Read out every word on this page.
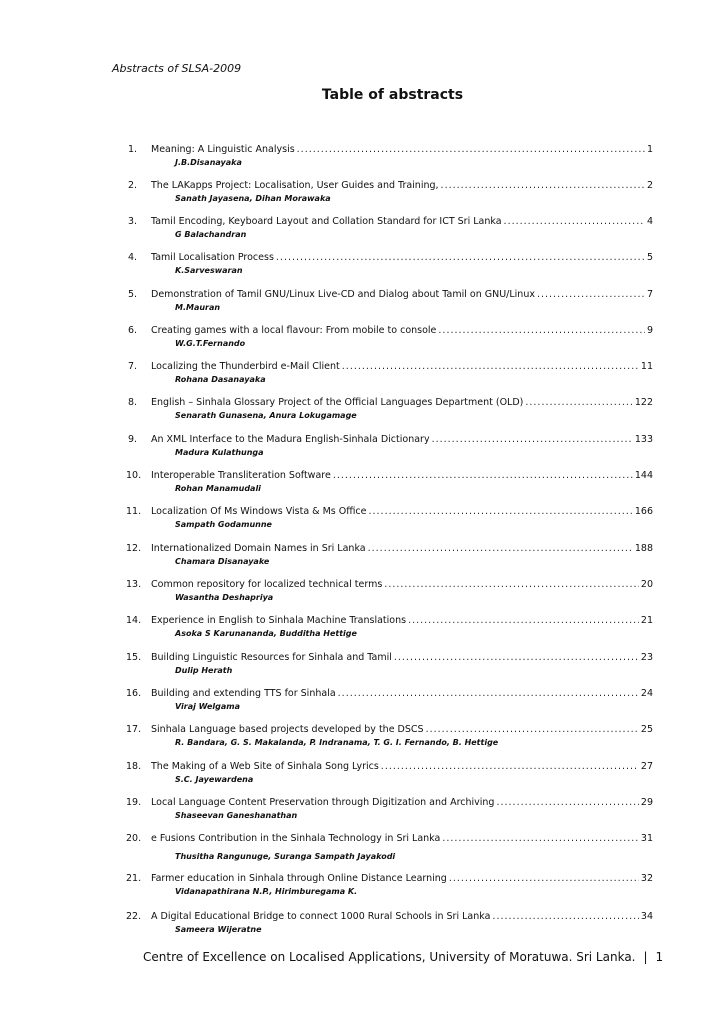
Abstracts of SLSA-2009
Table of abstracts
1. Meaning: A Linguistic Analysis .....	1
J.B.Disanayaka
2. The LAKapps Project: Localisation, User Guides and Training, .....	2
Sanath Jayasena, Dihan Morawaka
3. Tamil Encoding, Keyboard Layout and Collation Standard for ICT Sri Lanka .....	4
G Balachandran
4. Tamil Localisation Process .....	5
K.Sarveswaran
5. Demonstration of Tamil GNU/Linux Live-CD and Dialog about Tamil on GNU/Linux .....	7
M.Mauran
6. Creating games with a local flavour: From mobile to console .....	9
W.G.T.Fernando
7. Localizing the Thunderbird e-Mail Client .....	11
Rohana Dasanayaka
8. English – Sinhala Glossary Project of the Official Languages Department (OLD) .....	122
Senarath Gunasena, Anura Lokugamage
9. An XML Interface to the Madura English-Sinhala Dictionary .....	133
Madura Kulathunga
10. Interoperable Transliteration Software .....	144
Rohan Manamudali
11. Localization Of Ms Windows Vista & Ms Office .....	166
Sampath Godamunne
12. Internationalized Domain Names in Sri Lanka .....	188
Chamara Disanayake
13. Common repository for localized technical terms .....	20
Wasantha Deshapriya
14. Experience in English to Sinhala Machine Translations .....	21
Asoka S Karunananda, Budditha Hettige
15. Building Linguistic Resources for Sinhala and Tamil .....	23
Dulip Herath
16. Building and extending TTS for Sinhala .....	24
Viraj Welgama
17. Sinhala Language based projects developed by the DSCS .....	25
R. Bandara, G. S. Makalanda, P. Indranama, T. G. I. Fernando, B. Hettige
18. The Making of a Web Site of Sinhala Song Lyrics .....	27
S.C. Jayewardena
19. Local Language Content Preservation through Digitization and Archiving .....	29
Shaseevan Ganeshanathan
20. e Fusions Contribution in the Sinhala Technology in Sri Lanka .....	31
Thusitha Rangunuge, Suranga Sampath Jayakodi
21. Farmer education in Sinhala through Online Distance Learning .....	32
Vidanapathirana N.P., Hirimburegama K.
22. A Digital Educational Bridge to connect 1000 Rural Schools in Sri Lanka .....	34
Sameera Wijeratne
Centre of Excellence on Localised Applications, University of Moratuwa. Sri Lanka. | 1
